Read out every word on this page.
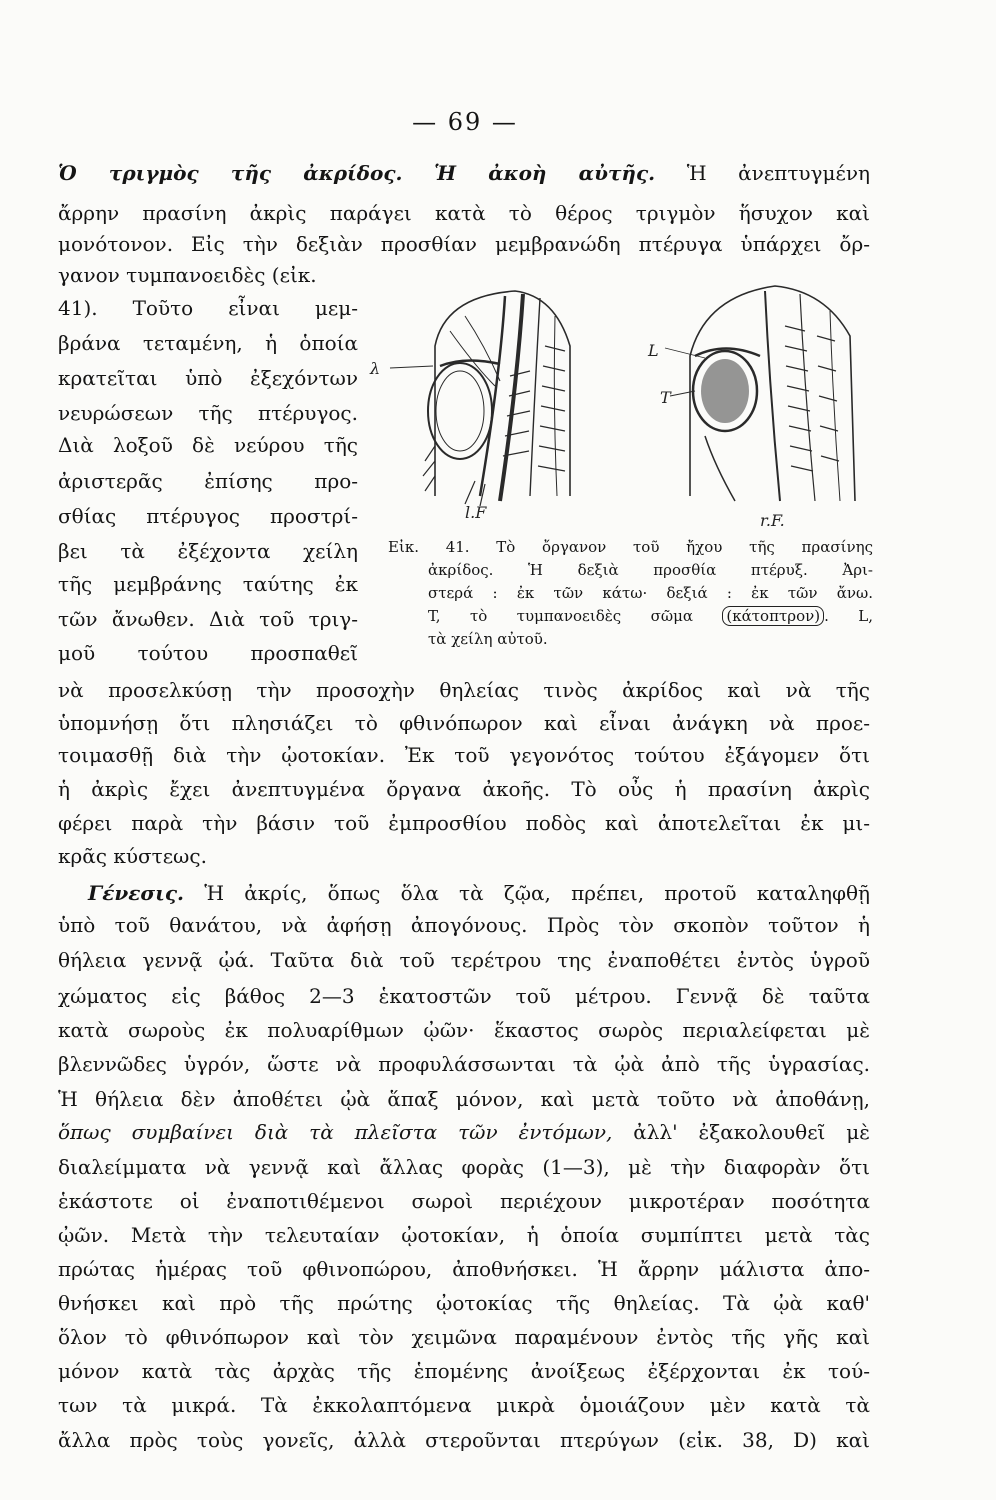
— 69 —
Ὁ τριγμὸς τῆς ἀκρίδος. Ἡ ἀκοὴ αὐτῆς. Ἡ ἀνεπτυγμένη
ἄρρην πρασίνη ἀκρὶς παράγει κατὰ τὸ θέρος τριγμὸν ἥσυχον καὶ
μονότονον. Εἰς τὴν δεξιὰν προσθίαν μεμβρανώδη πτέρυγα ὑπάρχει ὄρ-
γανον τυμπανοειδὲς (εἰκ.
41). Τοῦτο εἶναι μεμ-
βράνα τεταμένη, ἡ ὁποία
κρατεῖται ὑπὸ ἐξεχόντων
νευρώσεων τῆς πτέρυγος.
Διὰ λοξοῦ δὲ νεύρου τῆς
ἀριστερᾶς ἐπίσης προ-
σθίας πτέρυγος προστρί-
βει τὰ ἐξέχοντα χείλη
τῆς μεμβράνης ταύτης ἐκ
τῶν ἄνωθεν. Διὰ τοῦ τριγ-
μοῦ τούτου προσπαθεῖ
νὰ προσελκύσῃ τὴν προσοχὴν θηλείας τινὸς ἀκρίδος καὶ νὰ τῆς
ὑπομνήσῃ ὅτι πλησιάζει τὸ φθινόπωρον καὶ εἶναι ἀνάγκη νὰ προε-
τοιμασθῇ διὰ τὴν ᾠοτοκίαν. Ἐκ τοῦ γεγονότος τούτου ἐξάγομεν ὅτι
ἡ ἀκρὶς ἔχει ἀνεπτυγμένα ὄργανα ἀκοῆς. Τὸ οὖς ἡ πρασίνη ἀκρὶς
φέρει παρὰ τὴν βάσιν τοῦ ἐμπροσθίου ποδὸς καὶ ἀποτελεῖται ἐκ μι-
κρᾶς κύστεως.
λ
L
T
l.F	r.F.
Εἰκ. 41. Τὸ ὄργανον τοῦ ἤχου τῆς πρασίνης
ἀκρίδος. Ἡ δεξιὰ προσθία πτέρυξ. Ἀρι-
στερά : ἐκ τῶν κάτω· δεξιά : ἐκ τῶν ἄνω.
T, τὸ τυμπανοειδὲς σῶμα (κάτοπτρον) . L,
τὰ χείλη αὐτοῦ.
Γένεσις. Ἡ ἀκρίς, ὅπως ὅλα τὰ ζῷα, πρέπει, προτοῦ καταληφθῇ
ὑπὸ τοῦ θανάτου, νὰ ἀφήσῃ ἀπογόνους. Πρὸς τὸν σκοπὸν τοῦτον ἡ
θήλεια γεννᾷ ᾠά. Ταῦτα διὰ τοῦ τερέτρου της ἐναποθέτει ἐντὸς ὑγροῦ
χώματος εἰς βάθος 2—3 ἑκατοστῶν τοῦ μέτρου. Γεννᾷ δὲ ταῦτα
κατὰ σωροὺς ἐκ πολυαρίθμων ᾠῶν· ἕκαστος σωρὸς περιαλείφεται μὲ
βλεννῶδες ὑγρόν, ὥστε νὰ προφυλάσσωνται τὰ ᾠὰ ἀπὸ τῆς ὑγρασίας.
Ἡ θήλεια δὲν ἀποθέτει ᾠὰ ἅπαξ μόνον, καὶ μετὰ τοῦτο νὰ ἀποθάνῃ,
ὅπως συμβαίνει διὰ τὰ πλεῖστα τῶν ἐντόμων, ἀλλ' ἐξακολουθεῖ μὲ
διαλείμματα νὰ γεννᾷ καὶ ἄλλας φορὰς (1—3), μὲ τὴν διαφορὰν ὅτι
ἑκάστοτε οἱ ἐναποτιθέμενοι σωροὶ περιέχουν μικροτέραν ποσότητα
ᾠῶν. Μετὰ τὴν τελευταίαν ᾠοτοκίαν, ἡ ὁποία συμπίπτει μετὰ τὰς
πρώτας ἡμέρας τοῦ φθινοπώρου, ἀποθνήσκει. Ἡ ἄρρην μάλιστα ἀπο-
θνήσκει καὶ πρὸ τῆς πρώτης ᾠοτοκίας τῆς θηλείας. Τὰ ᾠὰ καθ'
ὅλον τὸ φθινόπωρον καὶ τὸν χειμῶνα παραμένουν ἐντὸς τῆς γῆς καὶ
μόνον κατὰ τὰς ἀρχὰς τῆς ἑπομένης ἀνοίξεως ἐξέρχονται ἐκ τού-
των τὰ μικρά. Τὰ ἐκκολαπτόμενα μικρὰ ὁμοιάζουν μὲν κατὰ τὰ
ἄλλα πρὸς τοὺς γονεῖς, ἀλλὰ στεροῦνται πτερύγων (εἰκ. 38, D) καὶ
